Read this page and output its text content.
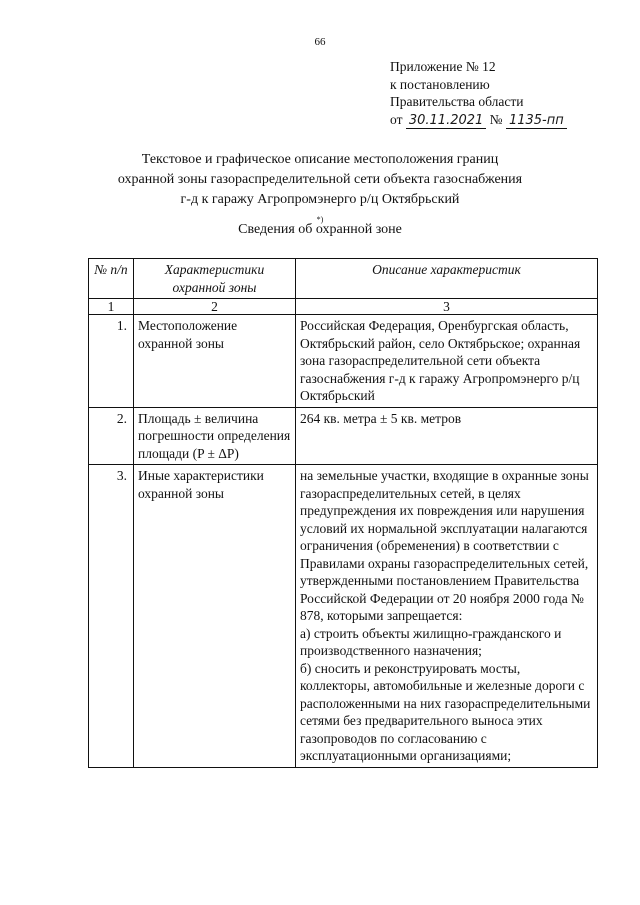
66
Приложение № 12
к постановлению
Правительства области
от 30.11.2021 № 1135-пп
Текстовое и графическое описание местоположения границ
охранной зоны газораспределительной сети объекта газоснабжения
г-д к гаражу Агропромэнерго р/ц Октябрьский
*)
Сведения об охранной зоне
№ п/п	Характеристики охранной зоны	Описание характеристик
1	2	3
1.	Местоположение охранной зоны	Российская Федерация, Оренбургская область, Октябрьский район, село Октябрьское; охранная зона газораспределительной сети объекта газоснабжения г-д к гаражу Агропромэнерго р/ц Октябрьский
2.	Площадь ± величина погрешности определения площади (P ± ΔP)	264 кв. метра ± 5 кв. метров
3.	Иные характеристики охранной зоны	на земельные участки, входящие в охранные зоны газораспределительных сетей, в целях предупреждения их повреждения или нарушения условий их нормальной эксплуатации налагаются ограничения (обременения) в соответствии с Правилами охраны газораспределительных сетей, утвержденными постановлением Правительства Российской Федерации от 20 ноября 2000 года № 878, которыми запрещается:
а) строить объекты жилищно-гражданского и производственного назначения;
б) сносить и реконструировать мосты, коллекторы, автомобильные и железные дороги с расположенными на них газораспределительными сетями без предварительного выноса этих газопроводов по согласованию с эксплуатационными организациями;
